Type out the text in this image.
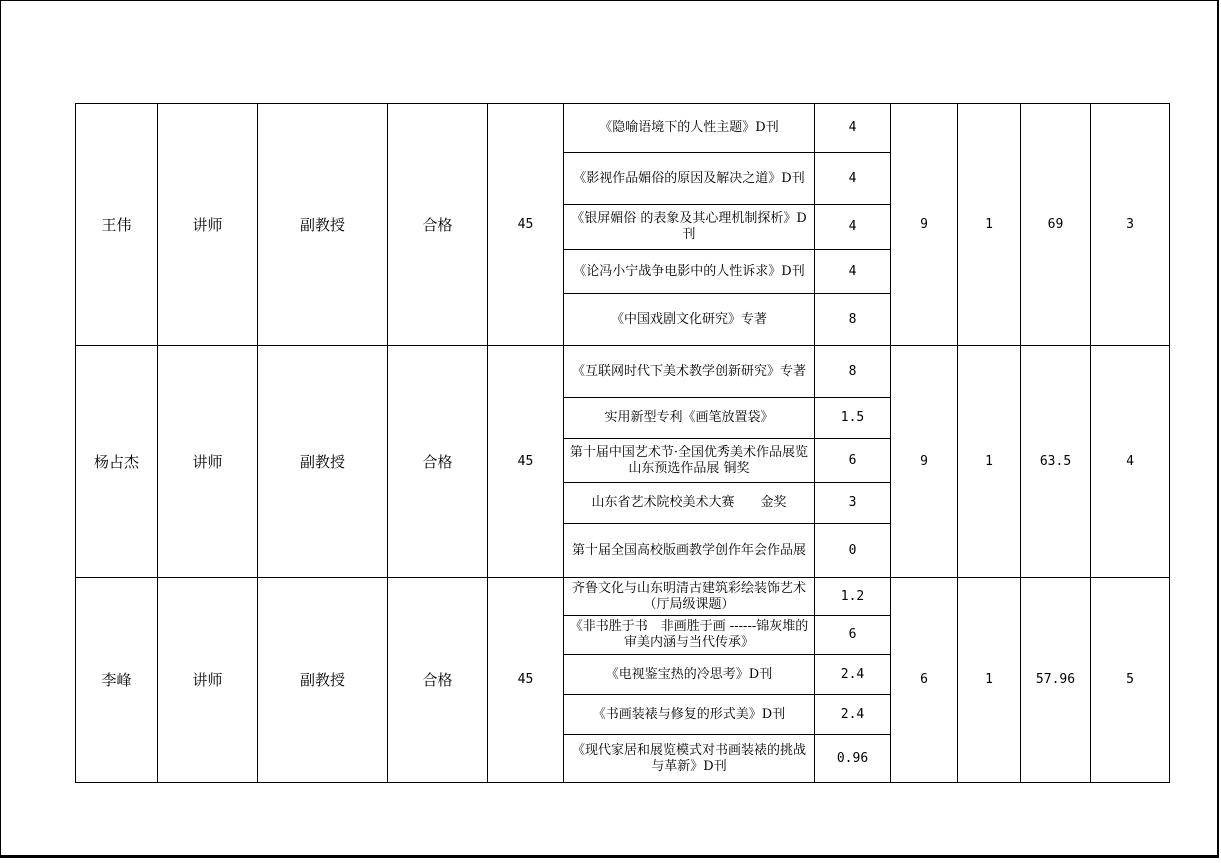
王伟	讲师	副教授	合格	45	《隐喻语境下的人性主题》D刊	4	9	1	69	3
					《影视作品媚俗的原因及解决之道》D刊	4				
					《银屏媚俗 的表象及其心理机制探析》D刊	4				
					《论冯小宁战争电影中的人性诉求》D刊	4				
					《中国戏剧文化研究》专著	8				
杨占杰	讲师	副教授	合格	45	《互联网时代下美术教学创新研究》专著	8	9	1	63.5	4
					实用新型专利《画笔放置袋》	1.5				
					第十届中国艺术节·全国优秀美术作品展览山东预选作品展 铜奖	6				
					山东省艺术院校美术大赛　　金奖	3				
					第十届全国高校版画教学创作年会作品展	0				
李峰	讲师	副教授	合格	45	齐鲁文化与山东明清古建筑彩绘装饰艺术（厅局级课题）	1.2	6	1	57.96	5
					《非书胜于书　非画胜于画 ------锦灰堆的审美内涵与当代传承》	6				
					《电视鉴宝热的冷思考》D刊	2.4				
					《书画装裱与修复的形式美》D刊	2.4				
					《现代家居和展览模式对书画装裱的挑战与革新》D刊	0.96				
